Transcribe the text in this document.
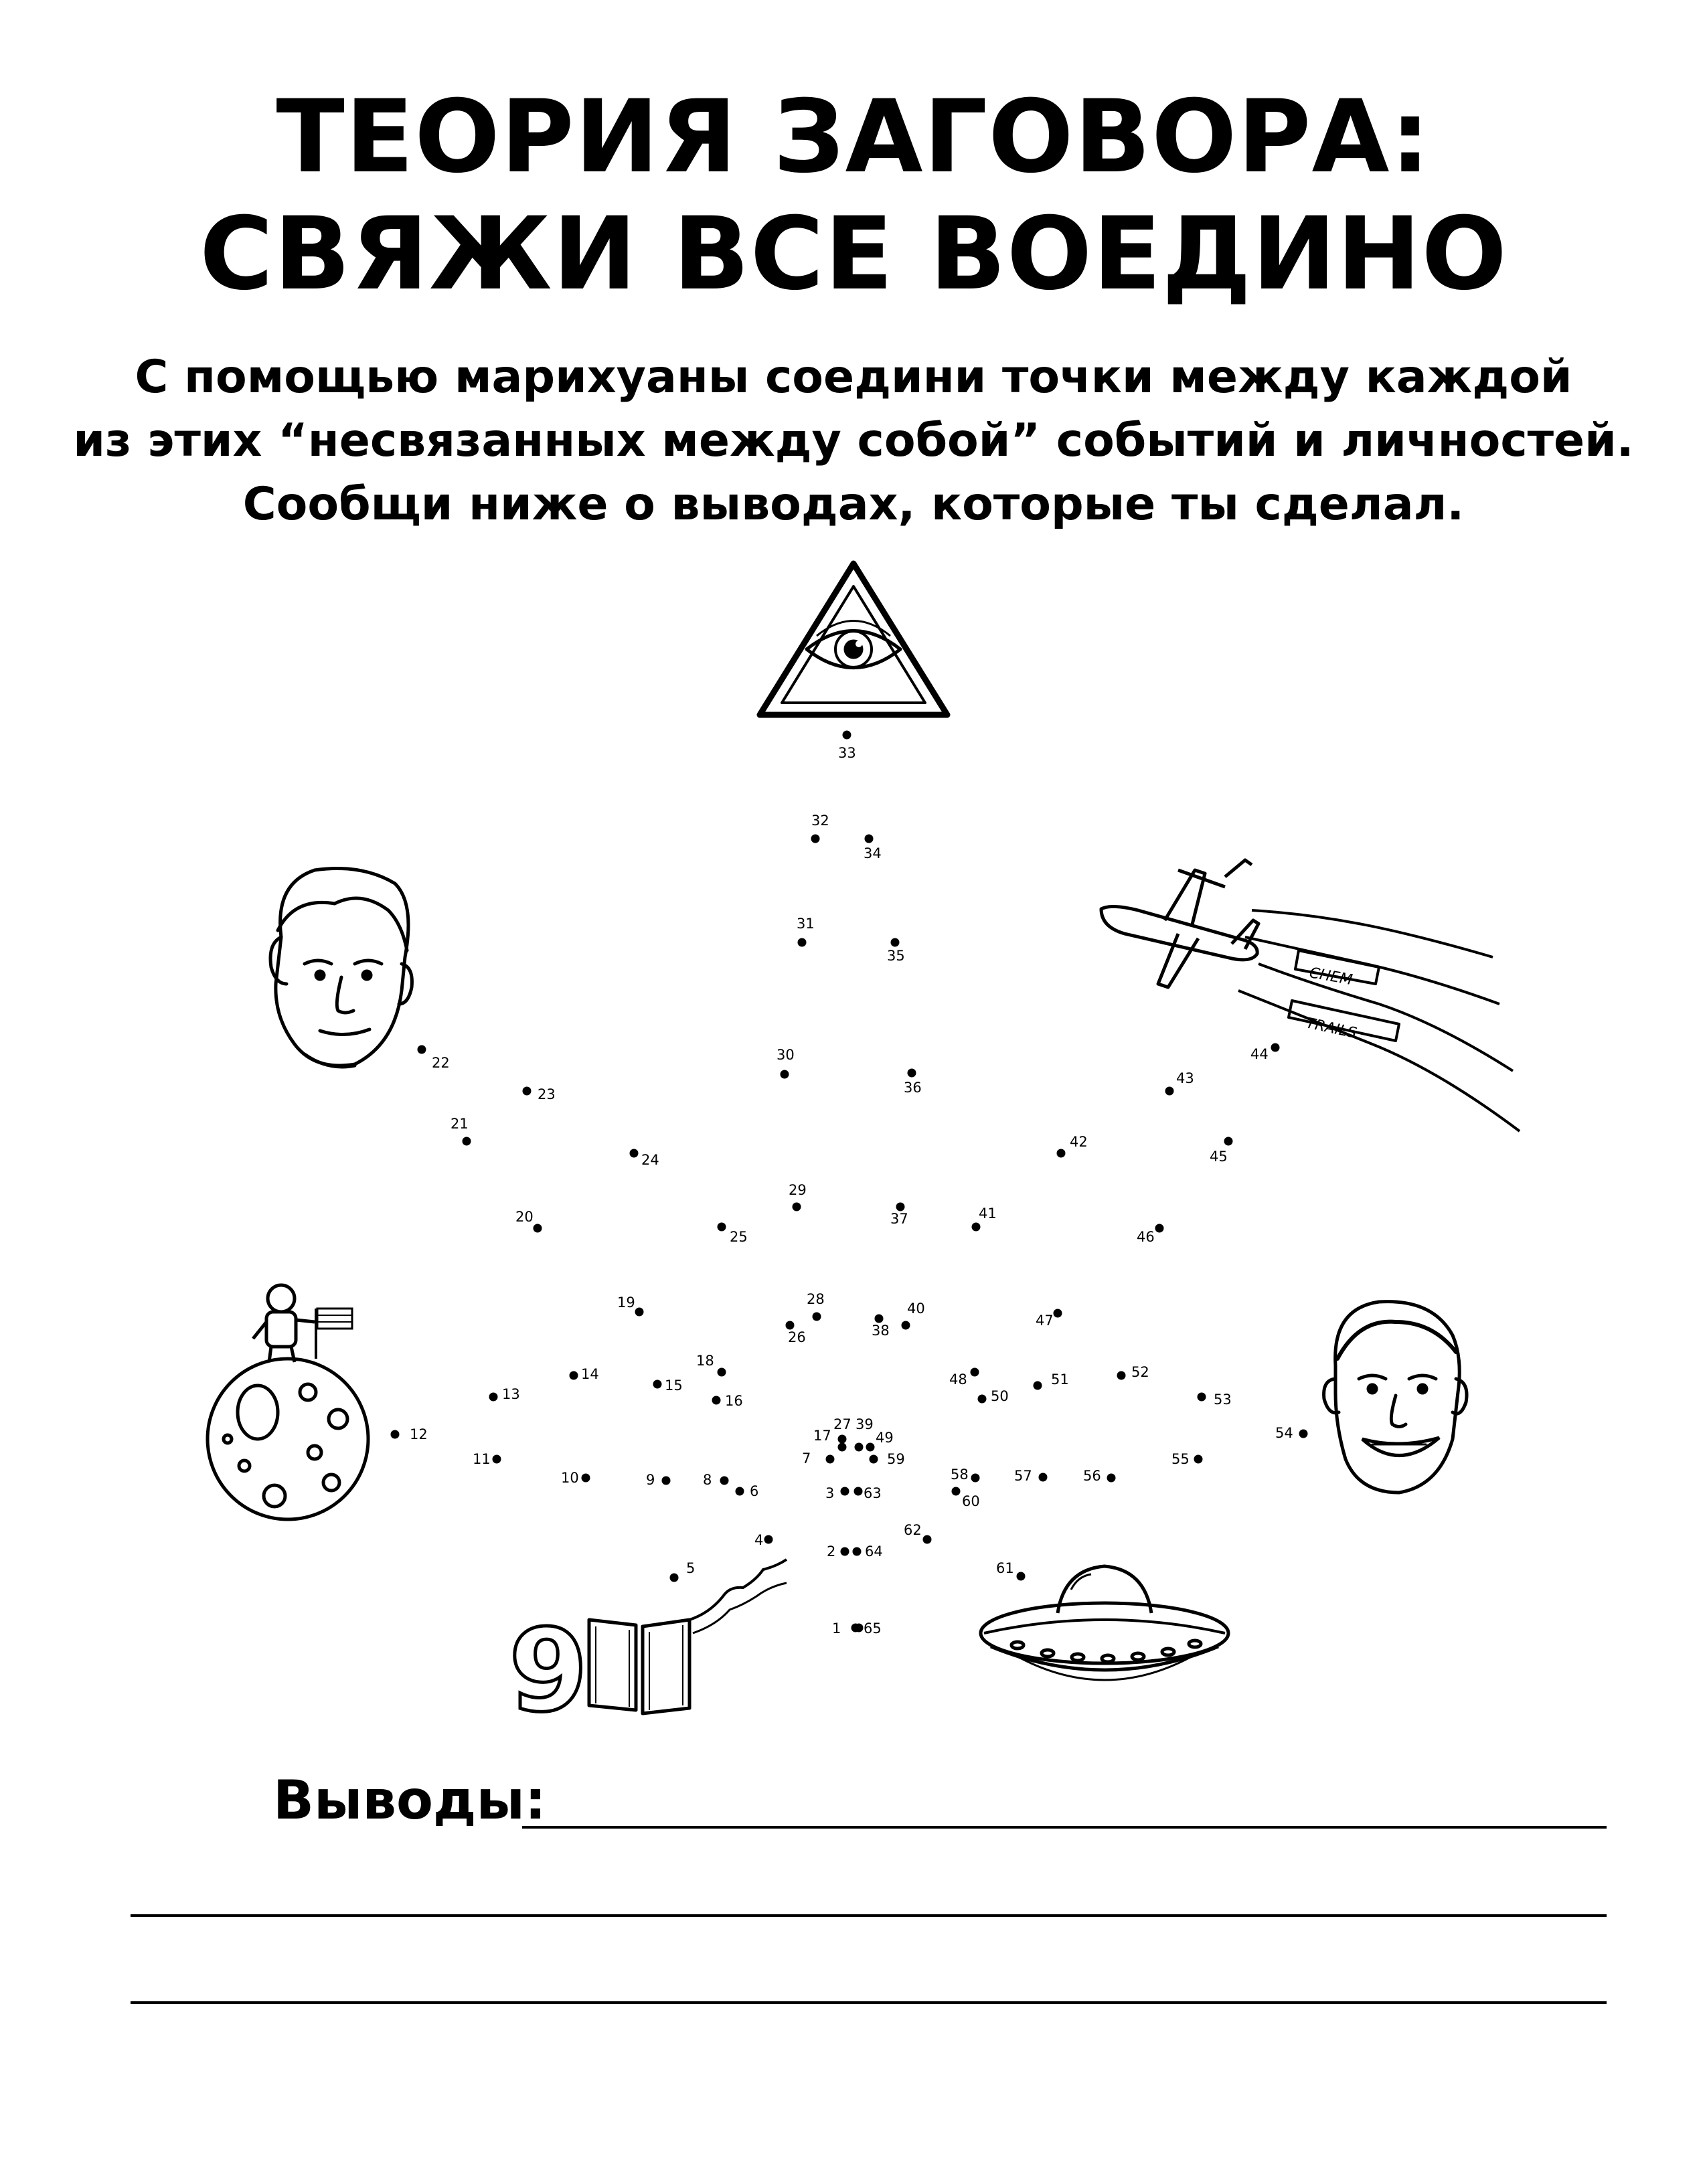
ТЕОРИЯ ЗАГОВОРА:
СВЯЖИ ВСЕ ВОЕДИНО
С помощью марихуаны соедини точки между каждой
из этих “несвязанных между собой” событий и личностей.
Сообщи ниже о выводах, которые ты сделал.
CHEM
TRAILS
9	1
2
3
4
5
6
7
8
9
10
11
12
13
14
15
16
17
18
19
20
21
22
23
24
25
26
27
28
29
30
31
32
33
34
35
36
37
38
39
40
41
42
43
44
45
46
47
48
49
50
51	52
53
54
55
56
57
58
59
60
61
62
63
64
65
Выводы:
